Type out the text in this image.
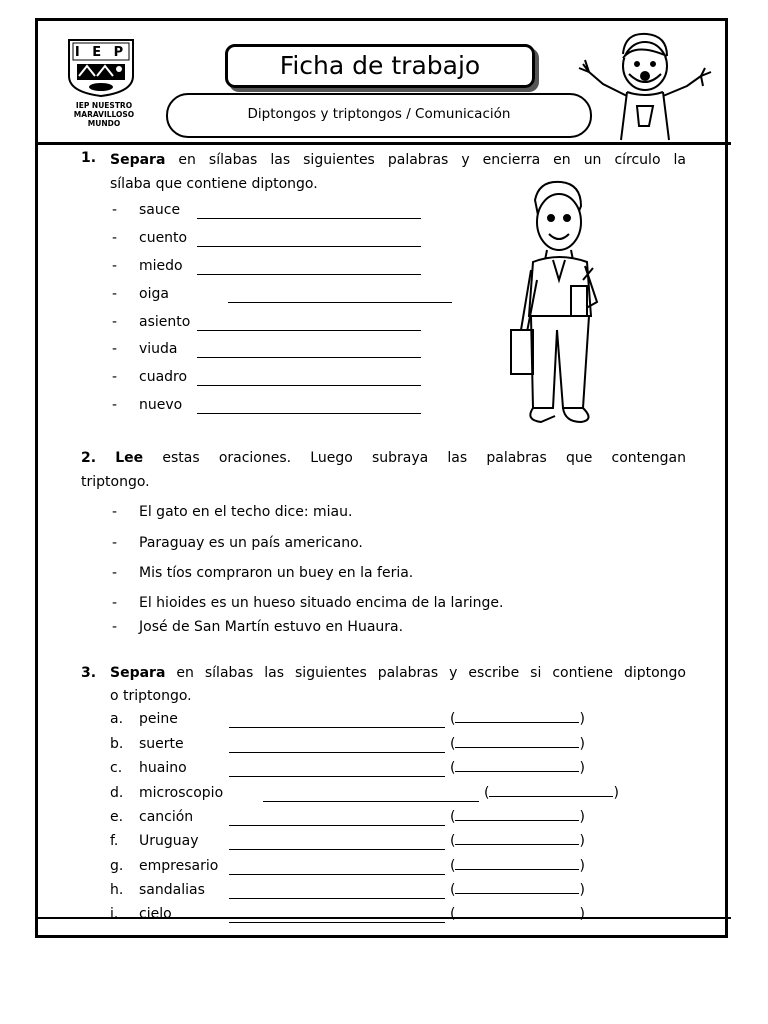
I E P
IEP NUESTRO
MARAVILLOSO
MUNDO
Ficha de trabajo
Diptongos y triptongos / Comunicación
1. Separa en sílabas las siguientes palabras y encierra en un círculo la
sílaba que contiene diptongo.
- sauce
- cuento
- miedo
- oiga
- asiento
- viuda
- cuadro
- nuevo
2. Lee estas oraciones. Luego subraya las palabras que contengan
triptongo.
- El gato en el techo dice: miau.
- Paraguay es un país americano.
- Mis tíos compraron un buey en la feria.
- El hioides es un hueso situado encima de la laringe.
- José de San Martín estuvo en Huaura.
3. Separa en sílabas las siguientes palabras y escribe si contiene diptongo
o triptongo.
a. peine	(	)
b. suerte	(	)
c. huaino	(	)
d. microscopio	(	)
e. canción	(	)
f. Uruguay	(	)
g. empresario	(	)
h. sandalias	(	)
i. cielo	(	)
